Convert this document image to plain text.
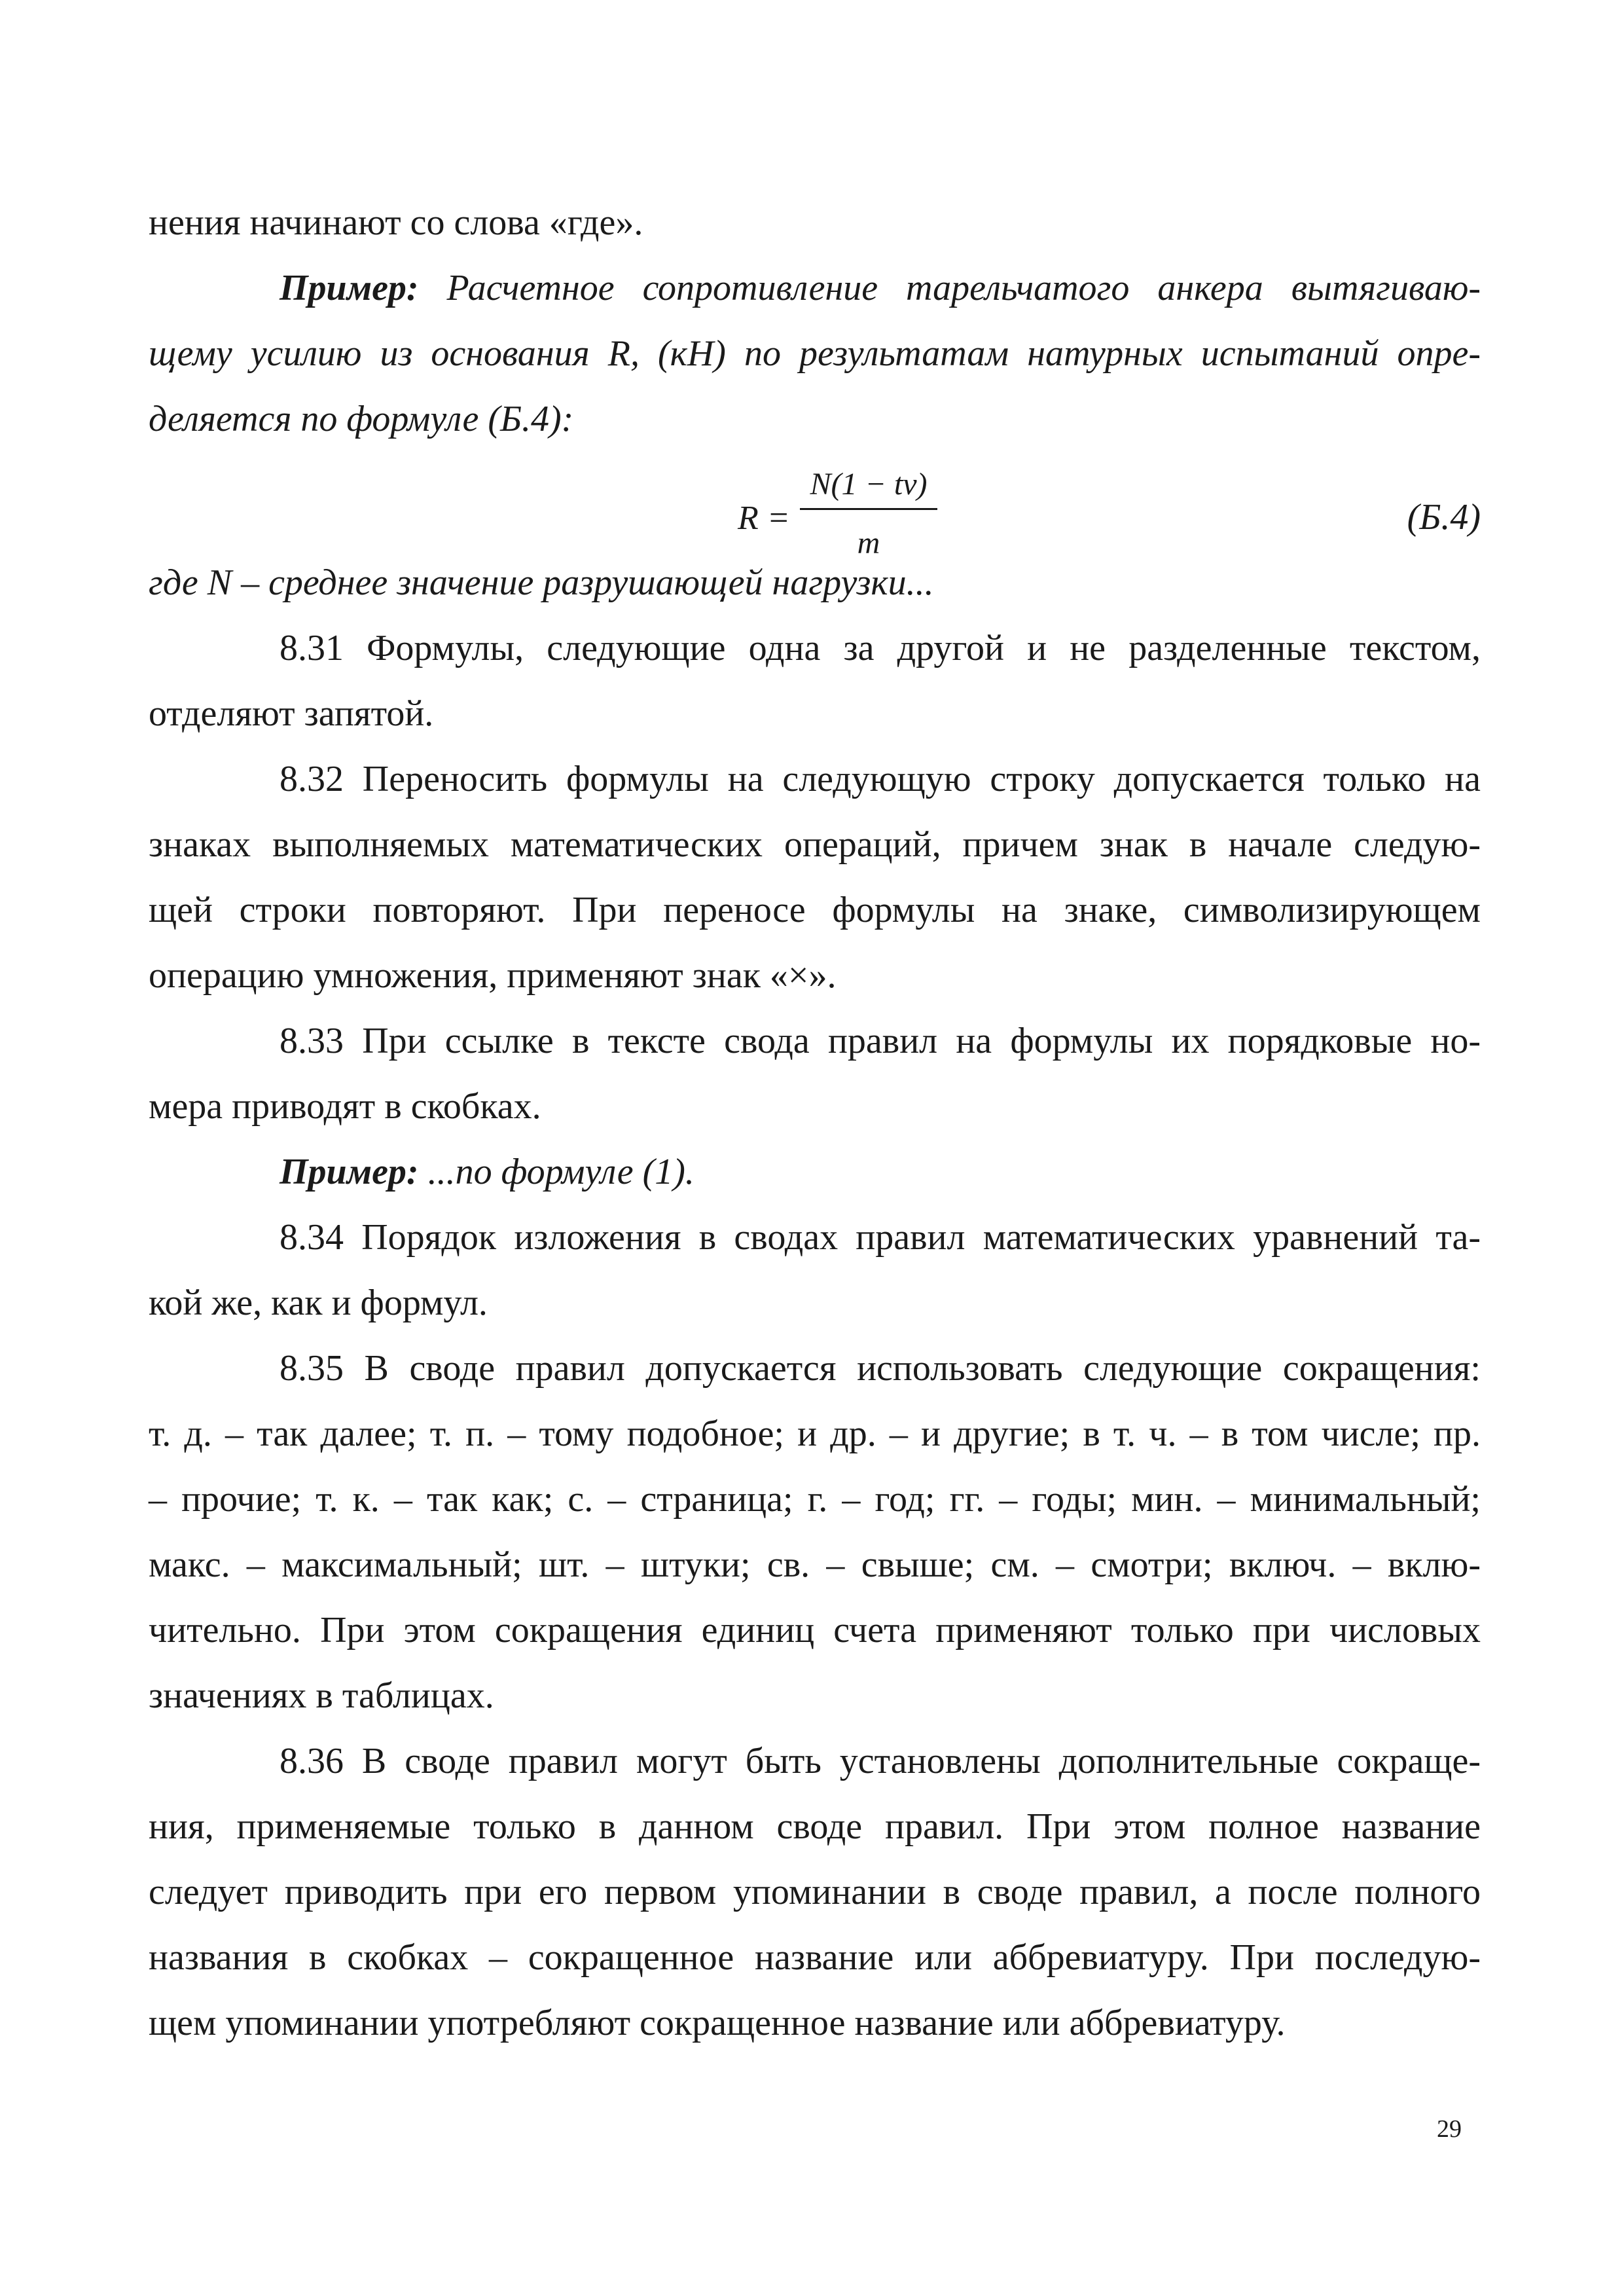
нения начинают со слова «где».
Пример: Расчетное сопротивление тарельчатого анкера вытягиваю-
щему усилию из основания R, (кН) по результатам натурных испытаний опре-
деляется по формуле (Б.4):
R =
N(1 − tv)
m
(Б.4)
где N – среднее значение разрушающей нагрузки...
8.31 Формулы, следующие одна за другой и не разделенные текстом,
отделяют запятой.
8.32 Переносить формулы на следующую строку допускается только на
знаках выполняемых математических операций, причем знак в начале следую-
щей строки повторяют. При переносе формулы на знаке, символизирующем
операцию умножения, применяют знак «×».
8.33 При ссылке в тексте свода правил на формулы их порядковые но-
мера приводят в скобках.
Пример: ...по формуле (1).
8.34 Порядок изложения в сводах правил математических уравнений та-
кой же, как и формул.
8.35 В своде правил допускается использовать следующие сокращения:
т. д. – так далее; т. п. – тому подобное; и др. – и другие; в т. ч. – в том числе; пр.
– прочие; т. к. – так как; с. – страница; г. – год; гг. – годы; мин. – минимальный;
макс. – максимальный; шт. – штуки; св. – свыше; см. – смотри; включ. – вклю-
чительно. При этом сокращения единиц счета применяют только при числовых
значениях в таблицах.
8.36 В своде правил могут быть установлены дополнительные сокраще-
ния, применяемые только в данном своде правил. При этом полное название
следует приводить при его первом упоминании в своде правил, а после полного
названия в скобках – сокращенное название или аббревиатуру. При последую-
щем упоминании употребляют сокращенное название или аббревиатуру.
29
